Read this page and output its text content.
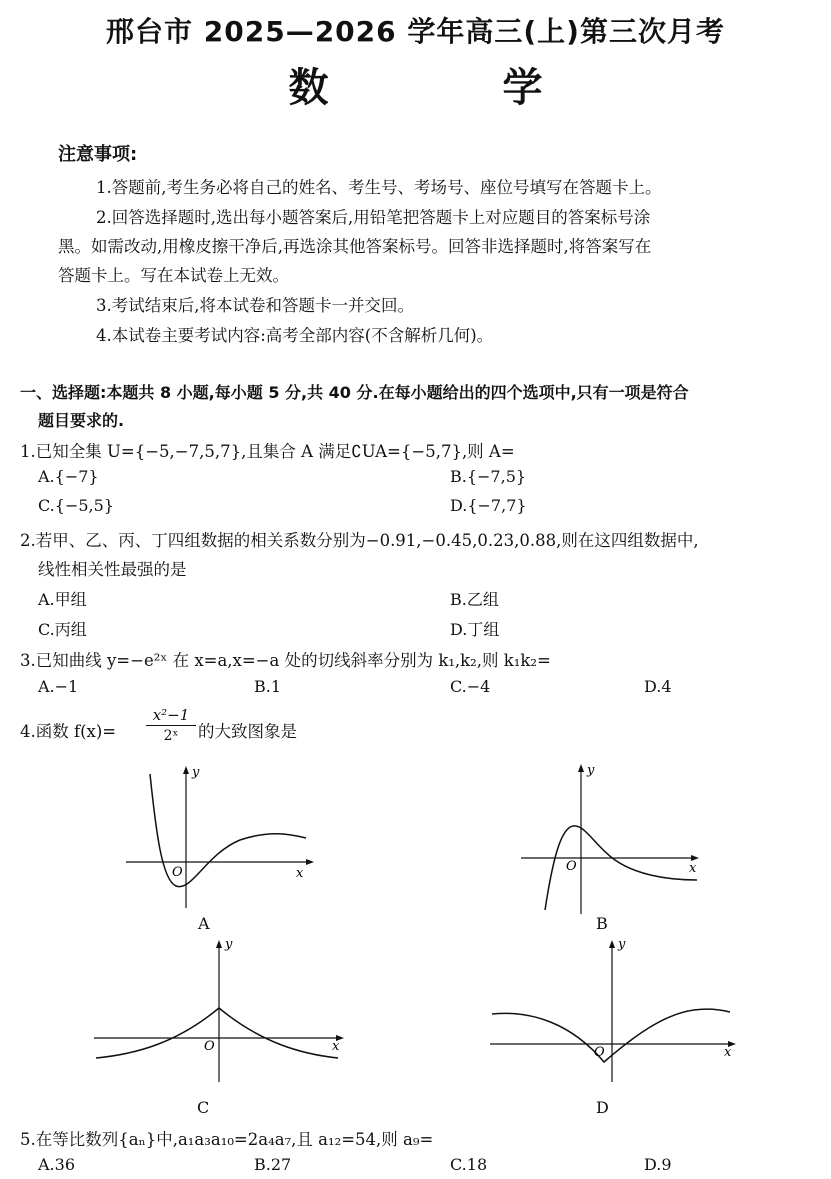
邢台市 2025—2026 学年高三(上)第三次月考
数 学
注意事项:
1.答题前,考生务必将自己的姓名、考生号、考场号、座位号填写在答题卡上。
2.回答选择题时,选出每小题答案后,用铅笔把答题卡上对应题目的答案标号涂
黑。如需改动,用橡皮擦干净后,再选涂其他答案标号。回答非选择题时,将答案写在
答题卡上。写在本试卷上无效。
3.考试结束后,将本试卷和答题卡一并交回。
4.本试卷主要考试内容:高考全部内容(不含解析几何)。
一、选择题:本题共 8 小题,每小题 5 分,共 40 分.在每小题给出的四个选项中,只有一项是符合
题目要求的.
1.已知全集 U={−5,−7,5,7},且集合 A 满足∁UA={−5,7},则 A=
A.{−7}	B.{−7,5}
C.{−5,5}	D.{−7,7}
2.若甲、乙、丙、丁四组数据的相关系数分别为−0.91,−0.45,0.23,0.88,则在这四组数据中,
线性相关性最强的是
A.甲组	B.乙组
C.丙组	D.丁组
3.已知曲线 y=−e²ˣ 在 x=a,x=−a 处的切线斜率分别为 k₁,k₂,则 k₁k₂=
A.−1	B.1	C.−4	D.4
4.函数 $f(x)= \frac{\text{x²−1}}{\text{2ˣ}}$ 的大致图象是
y
x
O
A
y
x
O
B
y
x
O
C
y
x
O
D
5.在等比数列{aₙ}中,a₁a₃a₁₀=2a₄a₇,且 a₁₂=54,则 a₉=
A.36	B.27	C.18	D.9
